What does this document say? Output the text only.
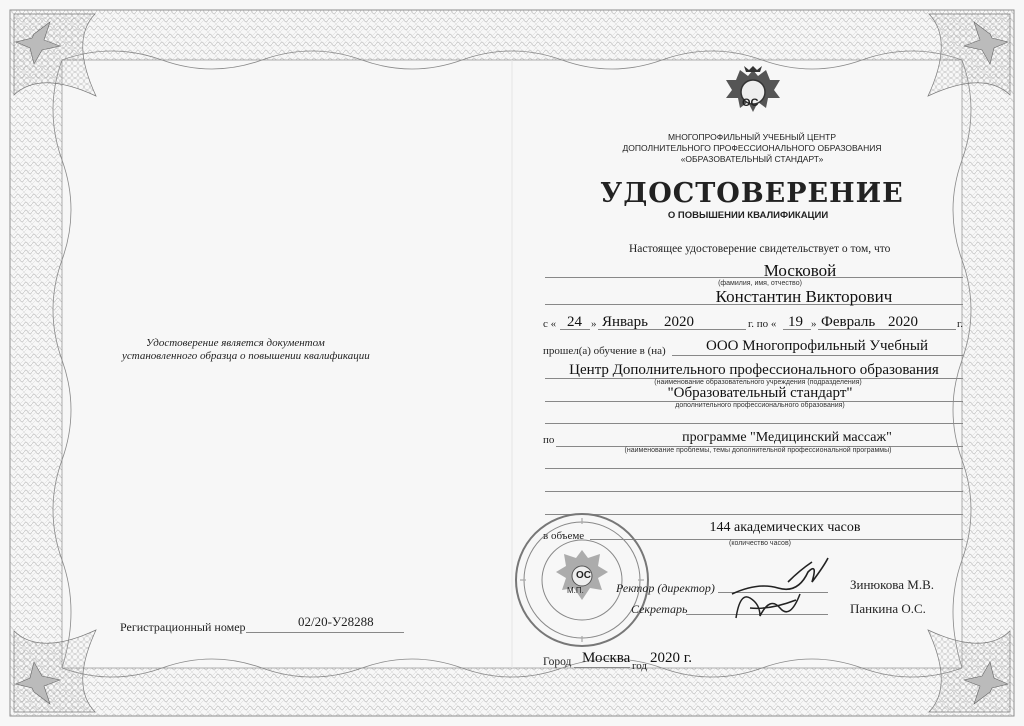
ОС
МНОГОПРОФИЛЬНЫЙ УЧЕБНЫЙ ЦЕНТР
ДОПОЛНИТЕЛЬНОГО ПРОФЕССИОНАЛЬНОГО ОБРАЗОВАНИЯ
«ОБРАЗОВАТЕЛЬНЫЙ СТАНДАРТ»
УДОСТОВЕРЕНИЕ
О ПОВЫШЕНИИ КВАЛИФИКАЦИИ
Удостоверение является документом
установленного образца о повышении квалификации
Регистрационный номер	02/20-У28288
Настоящее удостоверение свидетельствует о том, что
Московой
(фамилия, имя, отчество)
Константин Викторович
с « 24 » Январь 2020	г. по « 19 » Февраль 2020	г.
прошел(а) обучение в (на)	ООО Многопрофильный Учебный
Центр Дополнительного профессионального образования
(наименование образовательного учреждения (подразделения)
"Образовательный стандарт"
дополнительного профессионального образования)
по	программе "Медицинский массаж"
(наименование проблемы, темы дополнительной профессиональной программы)
в объеме
144 академических часов
(количество часов)
М.П.
ОС
Ректор (директор)	Зинюкова М.В.
Секретарь	Панкина О.С.
Город Москва год 2020 г.
